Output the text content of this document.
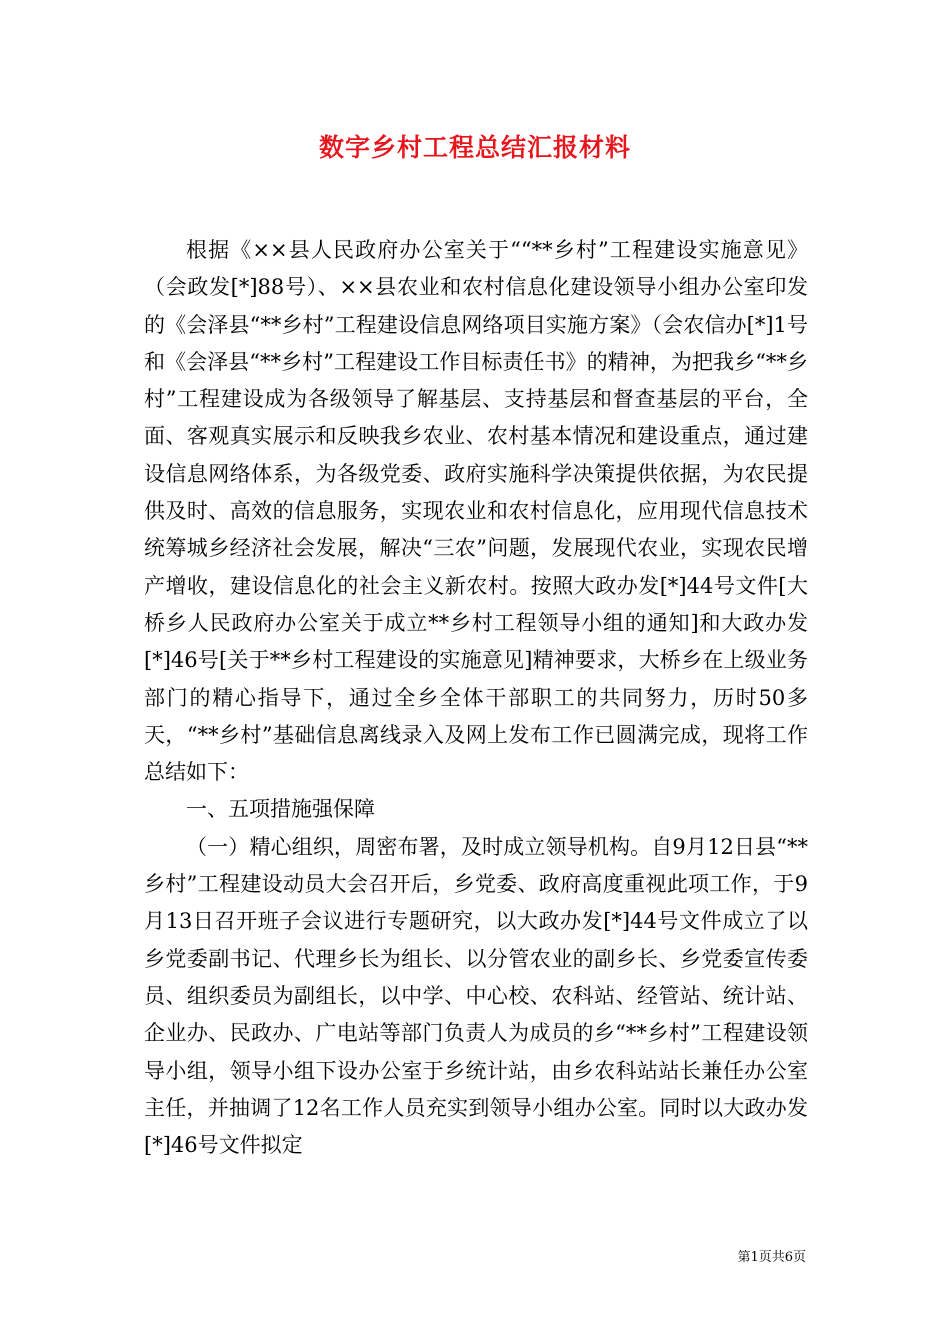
数字乡村工程总结汇报材料

根据《××县人民政府办公室关于““**乡村”工程建设实施意见》（会政发[*]88号）、××县农业和农村信息化建设领导小组办公室印发的《会泽县“**乡村”工程建设信息网络项目实施方案》（会农信办[*]1号和《会泽县“**乡村”工程建设工作目标责任书》的精神，为把我乡“**乡村”工程建设成为各级领导了解基层、支持基层和督查基层的平台，全面、客观真实展示和反映我乡农业、农村基本情况和建设重点，通过建设信息网络体系，为各级党委、政府实施科学决策提供依据，为农民提供及时、高效的信息服务，实现农业和农村信息化，应用现代信息技术统筹城乡经济社会发展，解决“三农”问题，发展现代农业，实现农民增产增收，建设信息化的社会主义新农村。按照大政办发[*]44号文件[大桥乡人民政府办公室关于成立**乡村工程领导小组的通知]和大政办发[*]46号[关于**乡村工程建设的实施意见]精神要求，大桥乡在上级业务部门的精心指导下，通过全乡全体干部职工的共同努力，历时50多天，“**乡村”基础信息离线录入及网上发布工作已圆满完成，现将工作总结如下：

一、五项措施强保障

（一）精心组织，周密布署，及时成立领导机构。自9月12日县“**乡村”工程建设动员大会召开后，乡党委、政府高度重视此项工作，于9月13日召开班子会议进行专题研究，以大政办发[*]44号文件成立了以乡党委副书记、代理乡长为组长、以分管农业的副乡长、乡党委宣传委员、组织委员为副组长，以中学、中心校、农科站、经管站、统计站、企业办、民政办、广电站等部门负责人为成员的乡“**乡村”工程建设领导小组，领导小组下设办公室于乡统计站，由乡农科站站长兼任办公室主任，并抽调了12名工作人员充实到领导小组办公室。同时以大政办发[*]46号文件拟定

第1页共6页
